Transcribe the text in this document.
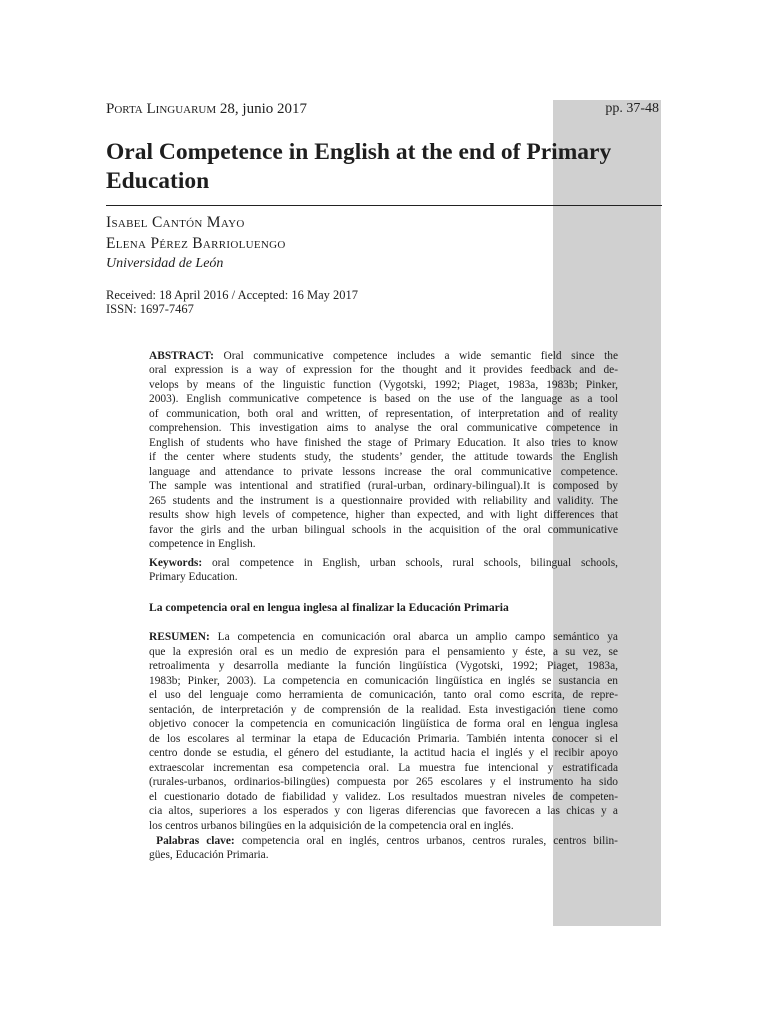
Porta Linguarum 28, junio 2017	pp. 37-48
Oral Competence in English at the end of Primary Education
Isabel Cantón Mayo
Elena Pérez Barrioluengo
Universidad de León
Received: 18 April 2016 / Accepted: 16 May 2017
ISSN: 1697-7467
ABSTRACT: Oral communicative competence includes a wide semantic field since the
oral expression is a way of expression for the thought and it provides feedback and de-
velops by means of the linguistic function (Vygotski, 1992; Piaget, 1983a, 1983b; Pinker,
2003). English communicative competence is based on the use of the language as a tool
of communication, both oral and written, of representation, of interpretation and of reality
comprehension. This investigation aims to analyse the oral communicative competence in
English of students who have finished the stage of Primary Education. It also tries to know
if the center where students study, the students’ gender, the attitude towards the English
language and attendance to private lessons increase the oral communicative competence.
The sample was intentional and stratified (rural-urban, ordinary-bilingual).It is composed by
265 students and the instrument is a questionnaire provided with reliability and validity. The
results show high levels of competence, higher than expected, and with light differences that
favor the girls and the urban bilingual schools in the acquisition of the oral communicative
competence in English.
Keywords: oral competence in English, urban schools, rural schools, bilingual schools,
Primary Education.
La competencia oral en lengua inglesa al finalizar la Educación Primaria
RESUMEN: La competencia en comunicación oral abarca un amplio campo semántico ya
que la expresión oral es un medio de expresión para el pensamiento y éste, a su vez, se
retroalimenta y desarrolla mediante la función lingüística (Vygotski, 1992; Piaget, 1983a,
1983b; Pinker, 2003). La competencia en comunicación lingüística en inglés se sustancia en
el uso del lenguaje como herramienta de comunicación, tanto oral como escrita, de repre-
sentación, de interpretación y de comprensión de la realidad. Esta investigación tiene como
objetivo conocer la competencia en comunicación lingüística de forma oral en lengua inglesa
de los escolares al terminar la etapa de Educación Primaria. También intenta conocer si el
centro donde se estudia, el género del estudiante, la actitud hacia el inglés y el recibir apoyo
extraescolar incrementan esa competencia oral. La muestra fue intencional y estratificada
(rurales-urbanos, ordinarios-bilingües) compuesta por 265 escolares y el instrumento ha sido
el cuestionario dotado de fiabilidad y validez. Los resultados muestran niveles de competen-
cia altos, superiores a los esperados y con ligeras diferencias que favorecen a las chicas y a
los centros urbanos bilingües en la adquisición de la competencia oral en inglés.
Palabras clave: competencia oral en inglés, centros urbanos, centros rurales, centros bilin-
gües, Educación Primaria.
